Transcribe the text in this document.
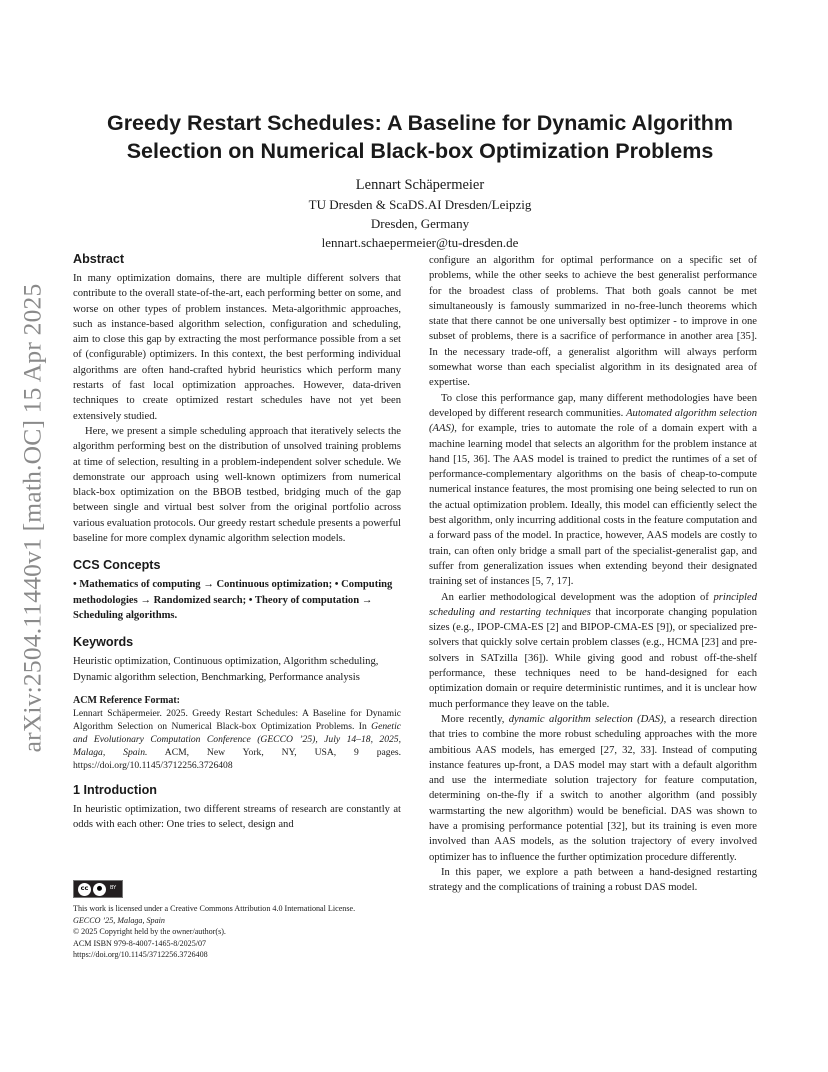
arXiv:2504.11440v1 [math.OC] 15 Apr 2025
Greedy Restart Schedules: A Baseline for Dynamic Algorithm Selection on Numerical Black-box Optimization Problems
Lennart Schäpermeier
TU Dresden & ScaDS.AI Dresden/Leipzig
Dresden, Germany
lennart.schaepermeier@tu-dresden.de
Abstract

In many optimization domains, there are multiple different solvers that contribute to the overall state-of-the-art, each performing better on some, and worse on other types of problem instances. Meta-algorithmic approaches, such as instance-based algorithm selection, configuration and scheduling, aim to close this gap by extracting the most performance possible from a set of (configurable) optimizers. In this context, the best performing individual algorithms are often hand-crafted hybrid heuristics which perform many restarts of fast local optimization approaches. However, data-driven techniques to create optimized restart schedules have not yet been extensively studied.

Here, we present a simple scheduling approach that iteratively selects the algorithm performing best on the distribution of unsolved training problems at time of selection, resulting in a problem-independent solver schedule. We demonstrate our approach using well-known optimizers from numerical black-box optimization on the BBOB testbed, bridging much of the gap between single and virtual best solver from the original portfolio across various evaluation protocols. Our greedy restart schedule presents a powerful baseline for more complex dynamic algorithm selection models.

CCS Concepts

• Mathematics of computing → Continuous optimization; • Computing methodologies → Randomized search; • Theory of computation → Scheduling algorithms.

Keywords

Heuristic optimization, Continuous optimization, Algorithm scheduling, Dynamic algorithm selection, Benchmarking, Performance analysis

ACM Reference Format:

Lennart Schäpermeier. 2025. Greedy Restart Schedules: A Baseline for Dynamic Algorithm Selection on Numerical Black-box Optimization Problems. In Genetic and Evolutionary Computation Conference (GECCO ’25), July 14–18, 2025, Malaga, Spain. ACM, New York, NY, USA, 9 pages. https://doi.org/10.1145/3712256.3726408

1 Introduction

In heuristic optimization, two different streams of research are constantly at odds with each other: One tries to select, design and

cc	●	BY
This work is licensed under a Creative Commons Attribution 4.0 International License.
GECCO ’25, Malaga, Spain
© 2025 Copyright held by the owner/author(s).
ACM ISBN 979-8-4007-1465-8/2025/07
https://doi.org/10.1145/3712256.3726408

configure an algorithm for optimal performance on a specific set of problems, while the other seeks to achieve the best generalist performance for the broadest class of problems. That both goals cannot be met simultaneously is famously summarized in no-free-lunch theorems which state that there cannot be one universally best optimizer - to improve in one subset of problems, there is a sacrifice of performance in another area [35]. In the necessary trade-off, a generalist algorithm will always perform somewhat worse than each specialist algorithm in its designated area of expertise.

To close this performance gap, many different methodologies have been developed by different research communities. Automated algorithm selection (AAS), for example, tries to automate the role of a domain expert with a machine learning model that selects an algorithm for the problem instance at hand [15, 36]. The AAS model is trained to predict the runtimes of a set of performance-complementary algorithms on the basis of cheap-to-compute numerical instance features, the most promising one being selected to run on the actual optimization problem. Ideally, this model can efficiently select the best algorithm, only incurring additional costs in the feature computation and a forward pass of the model. In practice, however, AAS models are costly to train, can often only bridge a small part of the specialist-generalist gap, and suffer from generalization issues when extending beyond their designated training set of instances [5, 7, 17].

An earlier methodological development was the adoption of principled scheduling and restarting techniques that incorporate changing population sizes (e.g., IPOP-CMA-ES [2] and BIPOP-CMA-ES [9]), or specialized pre-solvers that quickly solve certain problem classes (e.g., HCMA [23] and pre-solvers in SATzilla [36]). While giving good and robust off-the-shelf performance, these techniques need to be hand-designed for each optimization domain or require deterministic runtimes, and it is unclear how much performance they leave on the table.

More recently, dynamic algorithm selection (DAS), a research direction that tries to combine the more robust scheduling approaches with the more ambitious AAS models, has emerged [27, 32, 33]. Instead of computing instance features up-front, a DAS model may start with a default algorithm and use the intermediate solution trajectory for feature computation, determining on-the-fly if a switch to another algorithm (and possibly warmstarting the new algorithm) would be beneficial. DAS was shown to have a promising performance potential [32], but its training is even more involved than AAS models, as the solution trajectory of every involved optimizer has to influence the further optimization procedure differently.

In this paper, we explore a path between a hand-designed restarting strategy and the complications of training a robust DAS model.
